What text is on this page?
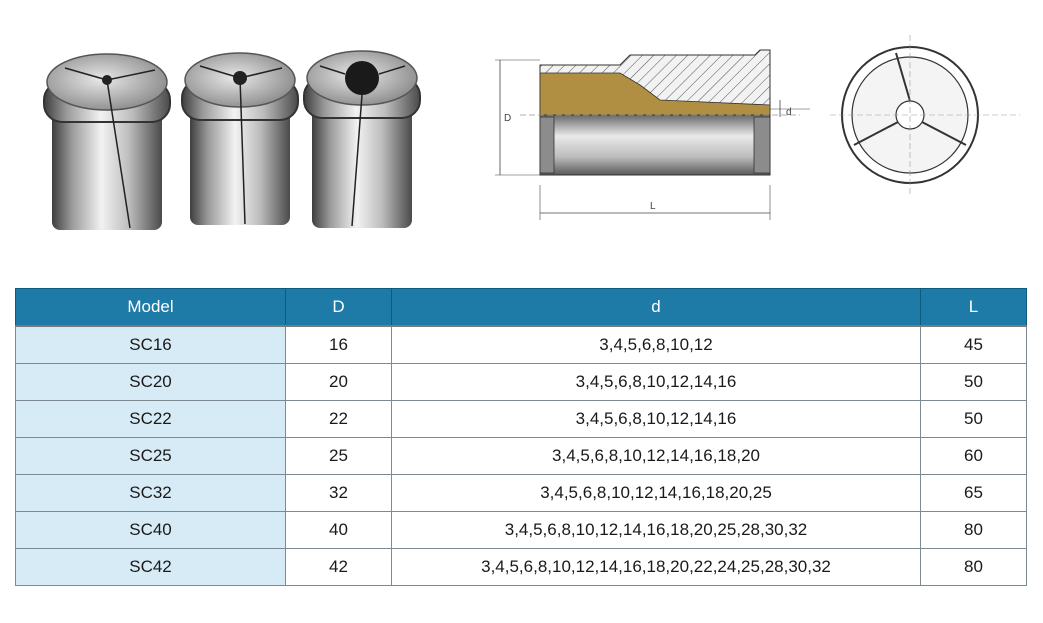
D
d
L
Model	D	d	L
SC16	16	3,4,5,6,8,10,12	45
SC20	20	3,4,5,6,8,10,12,14,16	50
SC22	22	3,4,5,6,8,10,12,14,16	50
SC25	25	3,4,5,6,8,10,12,14,16,18,20	60
SC32	32	3,4,5,6,8,10,12,14,16,18,20,25	65
SC40	40	3,4,5,6,8,10,12,14,16,18,20,25,28,30,32	80
SC42	42	3,4,5,6,8,10,12,14,16,18,20,22,24,25,28,30,32	80
